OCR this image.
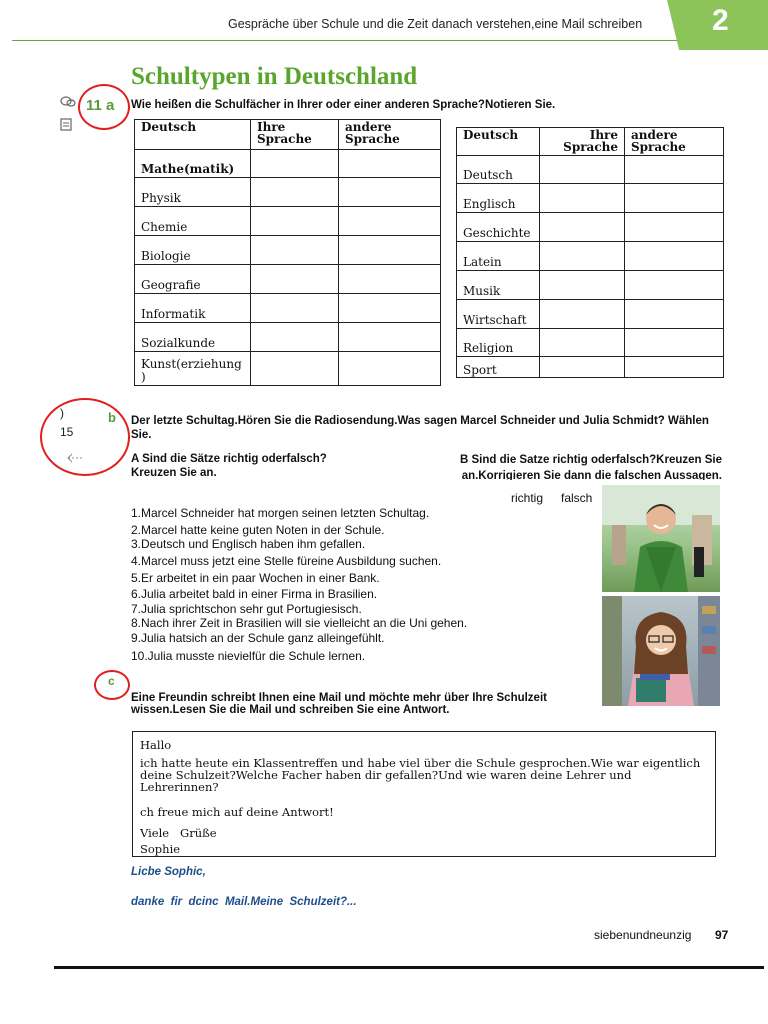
Gespräche über Schule und die Zeit danach verstehen,eine Mail schreiben 2
Schultypen in Deutschland
11 a Wie heißen die Schulfächer in Ihrer oder einer anderen Sprache?Notieren Sie.
Deutsch	Ihre Sprache	andere Sprache
Mathe(matik)		
Physik		
Chemie		
Biologie		
Geografie		
Informatik		
Sozialkunde		
Kunst(erziehung )		
Deutsch	Ihre Sprache	andere Sprache
Deutsch		
Englisch		
Geschichte		
Latein		
Musik		
Wirtschaft		
Religion		
Sport		
)
15
b Der letzte Schultag.Hören Sie die Radiosendung.Was sagen Marcel Schneider und Julia Schmidt? Wählen Sie.
A Sind die Sätze richtig oderfalsch? Kreuzen Sie an.
B Sind die Satze richtig oderfalsch?Kreuzen Sie an.Korrigieren Sie dann die falschen Aussagen.
richtig falsch
1.Marcel Schneider hat morgen seinen letzten Schultag.
2.Marcel hatte keine guten Noten in der Schule.
3.Deutsch und Englisch haben ihm gefallen.
4.Marcel muss jetzt eine Stelle füreine Ausbildung suchen.
5.Er arbeitet in ein paar Wochen in einer Bank.
6.Julia arbeitet bald in einer Firma in Brasilien.
7.Julia sprichtschon sehr gut Portugiesisch.
8.Nach ihrer Zeit in Brasilien will sie vielleicht an die Uni gehen.
9.Julia hatsich an der Schule ganz alleingefühlt.
10.Julia musste nievielfür die Schule lernen.
c
Eine Freundin schreibt Ihnen eine Mail und möchte mehr über Ihre Schulzeit wissen.Lesen Sie die Mail und schreiben Sie eine Antwort.
Hallo
ich hatte heute ein Klassentreffen und habe viel über die Schule gesprochen.Wie war eigentlich deine Schulzeit?Welche Facher haben dir gefallen?Und wie waren deine Lehrer und Lehrerinnen?
ch freue mich auf deine Antwort!
Viele   Grüße
Sophie
Licbe Sophic,
danke  fir  dcinc  Mail.Meine  Schulzeit?...
siebenundneunzig 97
